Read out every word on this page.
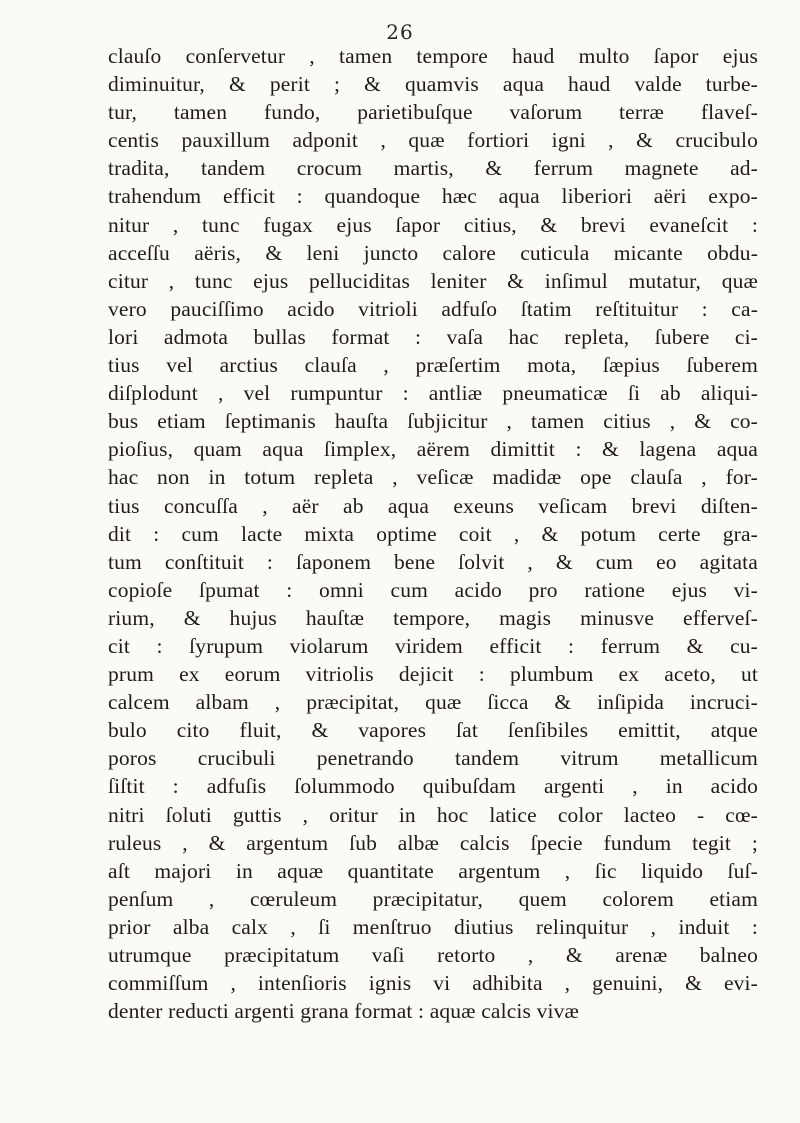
26
clauſo conſervetur , tamen tempore haud multo ſapor ejus
diminuitur, & perit ; & quamvis aqua haud valde turbe-
tur, tamen fundo, parietibuſque vaſorum terræ flaveſ-
centis pauxillum adponit , quæ fortiori igni , & crucibulo
tradita, tandem crocum martis, & ferrum magnete ad-
trahendum efficit : quandoque hæc aqua liberiori aëri expo-
nitur , tunc fugax ejus ſapor citius, & brevi evaneſcit :
acceſſu aëris, & leni juncto calore cuticula micante obdu-
citur , tunc ejus pelluciditas leniter & inſimul mutatur, quæ
vero pauciſſimo acido vitrioli adfuſo ſtatim reſtituitur : ca-
lori admota bullas format : vaſa hac repleta, ſubere ci-
tius vel arctius clauſa , præſertim mota, ſæpius ſuberem
diſplodunt , vel rumpuntur : antliæ pneumaticæ ſi ab aliqui-
bus etiam ſeptimanis hauſta ſubjicitur , tamen citius , & co-
pioſius, quam aqua ſimplex, aërem dimittit : & lagena aqua
hac non in totum repleta , veſicæ madidæ ope clauſa , for-
tius concuſſa , aër ab aqua exeuns veſicam brevi diſten-
dit : cum lacte mixta optime coit , & potum certe gra-
tum conſtituit : ſaponem bene ſolvit , & cum eo agitata
copioſe ſpumat : omni cum acido pro ratione ejus vi-
rium, & hujus hauſtæ tempore, magis minusve efferveſ-
cit : ſyrupum violarum viridem efficit : ferrum & cu-
prum ex eorum vitriolis dejicit : plumbum ex aceto, ut
calcem albam , præcipitat, quæ ſicca & inſipida incruci-
bulo cito fluit, & vapores ſat ſenſibiles emittit, atque
poros crucibuli penetrando tandem vitrum metallicum
ſiſtit : adfuſis ſolummodo quibuſdam argenti , in acido
nitri ſoluti guttis , oritur in hoc latice color lacteo - cœ-
ruleus , & argentum ſub albæ calcis ſpecie fundum tegit ;
aſt majori in aquæ quantitate argentum , ſic liquido ſuſ-
penſum , cœruleum præcipitatur, quem colorem etiam
prior alba calx , ſi menſtruo diutius relinquitur , induit :
utrumque præcipitatum vaſi retorto , & arenæ balneo
commiſſum , intenſioris ignis vi adhibita , genuini, & evi-
denter reducti argenti grana format : aquæ calcis vivæ
